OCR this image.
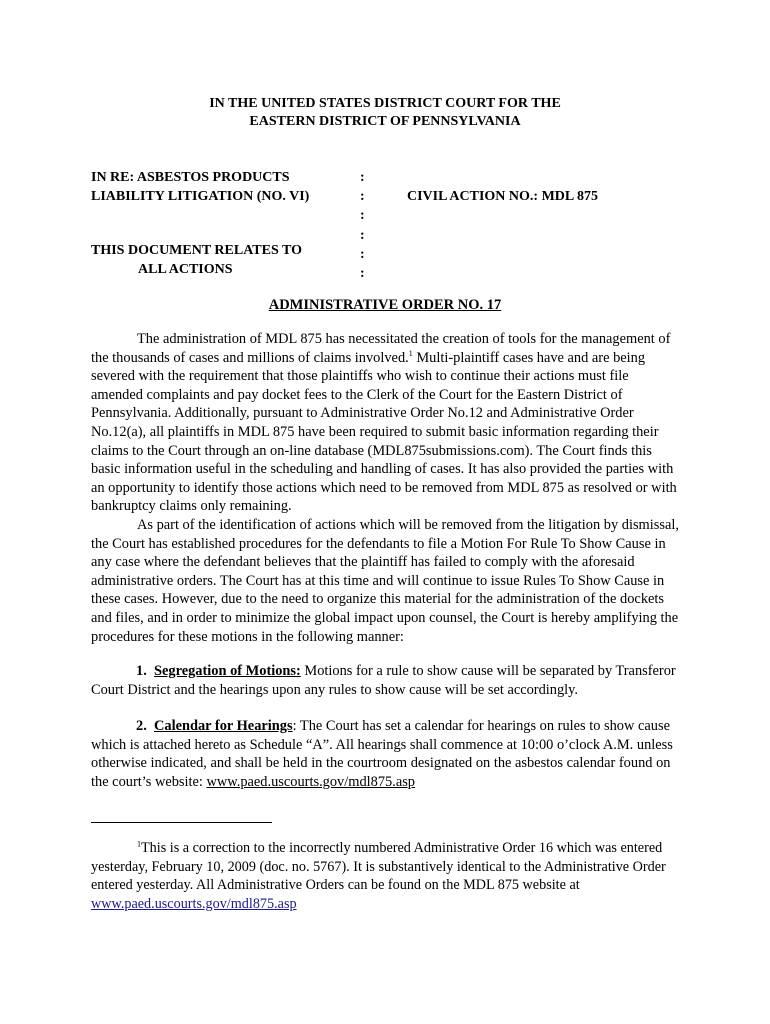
IN THE UNITED STATES DISTRICT COURT FOR THE
EASTERN DISTRICT OF PENNSYLVANIA
IN RE: ASBESTOS PRODUCTS
LIABILITY LITIGATION (NO. VI)
THIS DOCUMENT RELATES TO
ALL ACTIONS
:
:
:
:
:
:
CIVIL ACTION NO.: MDL 875
ADMINISTRATIVE ORDER NO. 17

The administration of MDL 875 has necessitated the creation of tools for the management of the thousands of cases and millions of claims involved.$^1$ Multi-plaintiff cases have and are being severed with the requirement that those plaintiffs who wish to continue their actions must file amended complaints and pay docket fees to the Clerk of the Court for the Eastern District of Pennsylvania. Additionally, pursuant to Administrative Order No.12 and Administrative Order No.12(a), all plaintiffs in MDL 875 have been required to submit basic information regarding their claims to the Court through an on-line database (MDL875submissions.com). The Court finds this basic information useful in the scheduling and handling of cases. It has also provided the parties with an opportunity to identify those actions which need to be removed from MDL 875 as resolved or with bankruptcy claims only remaining.

As part of the identification of actions which will be removed from the litigation by dismissal, the Court has established procedures for the defendants to file a Motion For Rule To Show Cause in any case where the defendant believes that the plaintiff has failed to comply with the aforesaid administrative orders. The Court has at this time and will continue to issue Rules To Show Cause in these cases. However, due to the need to organize this material for the administration of the dockets and files, and in order to minimize the global impact upon counsel, the Court is hereby amplifying the procedures for these motions in the following manner:

1. Segregation of Motions: Motions for a rule to show cause will be separated by Transferor Court District and the hearings upon any rules to show cause will be set accordingly.

2. Calendar for Hearings: The Court has set a calendar for hearings on rules to show cause which is attached hereto as Schedule “A”. All hearings shall commence at 10:00 o’clock A.M. unless otherwise indicated, and shall be held in the courtroom designated on the asbestos calendar found on the court’s website: www.paed.uscourts.gov/mdl875.asp

$^1$This is a correction to the incorrectly numbered Administrative Order 16 which was entered yesterday, February 10, 2009 (doc. no. 5767). It is substantively identical to the Administrative Order entered yesterday. All Administrative Orders can be found on the MDL 875 website at www.paed.uscourts.gov/mdl875.asp
